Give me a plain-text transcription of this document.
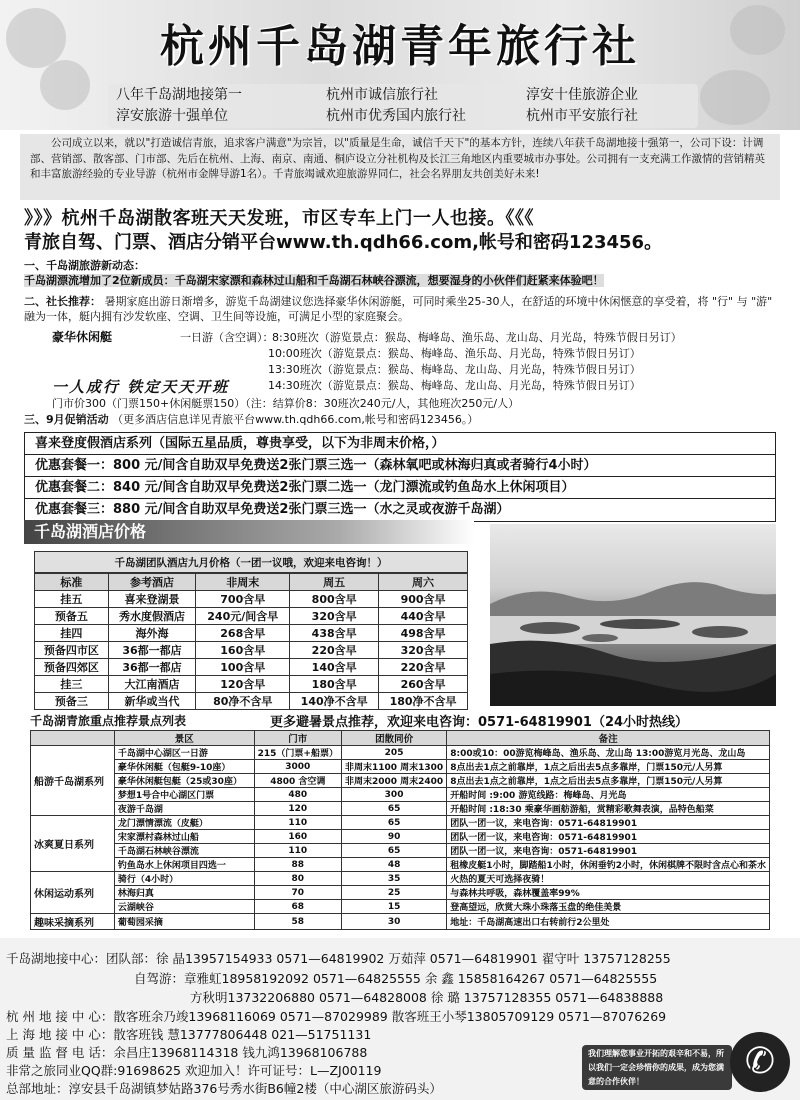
杭州千岛湖青年旅行社
八年千岛湖地接第一	杭州市诚信旅行社	淳安十佳旅游企业
淳安旅游十强单位	杭州市优秀国内旅行社	杭州市平安旅行社
公司成立以来，就以"打造诚信青旅，追求客户满意"为宗旨，以"质量是生命，诚信千天下"的基本方针，连续八年获千岛湖地接十强第一，公司下设：计调部、营销部、散客部、门市部、先后在杭州、上海、南京、南通、桐庐设立分社机构及长江三角地区内重要城市办事处。公司拥有一支充满工作激情的营销精英和丰富旅游经验的专业导游（杭州市金牌导游1名）。千青旅竭诚欢迎旅游界同仁，社会名界朋友共创美好未来!
》》》杭州千岛湖散客班天天发班，市区专车上门一人也接。《《《
青旅自驾、门票、酒店分销平台www.th.qdh66.com,帐号和密码123456。
一、千岛湖旅游新动态：
千岛湖漂流增加了2位新成员：千岛湖宋家漂和森林过山船和千岛湖石林峡谷漂流，想要湿身的小伙伴们赶紧来体验吧！
二、社长推荐： 暑期家庭出游日渐增多，游览千岛湖建议您选择豪华休闲游艇，可同时乘坐25-30人，在舒适的环境中休闲惬意的享受着，将 "行" 与 "游" 融为一体，艇内拥有沙发软座、空调、卫生间等设施，可满足小型的家庭聚会。
豪华休闲艇	一日游（含空调）：
8:30班次（游览景点：猴岛、梅峰岛、渔乐岛、龙山岛、月光岛，特殊节假日另订）
10:00班次（游览景点：猴岛、梅峰岛、渔乐岛、月光岛，特殊节假日另订）
13:30班次（游览景点：猴岛、梅峰岛、龙山岛、月光岛，特殊节假日另订）
14:30班次（游览景点：猴岛、梅峰岛、龙山岛、月光岛，特殊节假日另订）
一人成行 铁定天天开班
门市价300（门票150+休闲艇票150）（注：结算价8：30班次240元/人，其他班次250元/人）
三、9月促销活动 （更多酒店信息详见青旅平台www.th.qdh66.com,帐号和密码123456。）
喜来登度假酒店系列（国际五星品质，尊贵享受，以下为非周末价格，）
优惠套餐一：800 元/间含自助双早免费送2张门票三选一（森林氧吧或林海归真或者骑行4小时）
优惠套餐二：840 元/间含自助双早免费送2张门票二选一（龙门漂流或钓鱼岛水上休闲项目）
优惠套餐三：880 元/间含自助双早免费送2张门票三选一（水之灵或夜游千岛湖）
千岛湖酒店价格
千岛湖团队酒店九月价格（一团一议哦，欢迎来电咨询！）
标准	参考酒店	非周末	周五	周六
挂五	喜来登湖景	700含早	800含早	900含早
预备五	秀水度假酒店	240元/间含早	320含早	440含早
挂四	海外海	268含早	438含早	498含早
预备四市区	36都一都店	160含早	220含早	320含早
预备四郊区	36都一都店	100含早	140含早	220含早
挂三	大江南酒店	120含早	180含早	260含早
预备三	新华或当代	80净不含早	140净不含早	180净不含早
千岛湖青旅重点推荐景点列表	更多避暑景点推荐，欢迎来电咨询：0571-64819901（24小时热线）
	景区	门市	团散同价	备注
船游千岛湖系列	千岛湖中心湖区一日游	215（门票+船票）	205	8:00或10：00游览梅峰岛、渔乐岛、龙山岛 13:00游览月光岛、龙山岛
	豪华休闲艇（包艇9-10座）	3000	非周末1100 周末1300	8点出去1点之前靠岸，1点之后出去5点多靠岸，门票150元/人另算
	豪华休闲艇包艇（25或30座）	4800 含空调	非周末2000 周末2400	8点出去1点之前靠岸，1点之后出去5点多靠岸，门票150元/人另算
	梦想1号合中心湖区门票	480	300	开船时间 :9:00 游览线路：梅峰岛、月光岛
	夜游千岛湖	120	65	开船时间 :18:30 乘豪华画舫游船，赏精彩歌舞表演，品特色船菜
冰爽夏日系列	龙门漂情漂流（皮艇）	110	65	团队一团一议，来电咨询：0571-64819901
	宋家漂村森林过山船	160	90	团队一团一议，来电咨询：0571-64819901
	千岛湖石林峡谷漂流	110	65	团队一团一议，来电咨询：0571-64819901
	钓鱼岛水上休闲项目四选一	88	48	租橡皮艇1小时，脚踏船1小时，休闲垂钓2小时，休闲棋牌不限时含点心和茶水
休闲运动系列	骑行（4小时）	80	35	火热的夏天可选择夜骑！
	林海归真	70	25	与森林共呼吸，森林覆盖率99%
	云湖峡谷	68	15	登高望远，欣赏大珠小珠落玉盘的绝佳美景
趣味采摘系列	葡萄园采摘	58	30	地址：千岛湖高速出口右转前行2公里处
千岛湖地接中心：团队部：徐 晶13957154933 0571—64819902 万茹萍 0571—64819901 翟守叶 13757128255
自驾游：章雅虹18958192092 0571—64825555 余 鑫 15858164267 0571—64825555
方秋明13732206880 0571—64828008 徐 璐 13757128355 0571—64838888
杭 州 地 接 中 心：散客班余乃竣13968116069 0571—87029989 散客班王小琴13805709129 0571—87076269
上 海 地 接 中 心：散客班钱 慧13777806448 021—51751131
质 量 监 督 电 话：余昌庄13968114318 钱九鸿13968106788
非常之旅同业QQ群:91698625 欢迎加入！许可证号：L—ZJ00119
总部地址：淳安县千岛湖镇梦姑路376号秀水街B6幢2楼（中心湖区旅游码头）
我们理解您事业开拓的艰辛和不易，所以我们一定会珍惜你的成果，成为您满意的合作伙伴！	✆
